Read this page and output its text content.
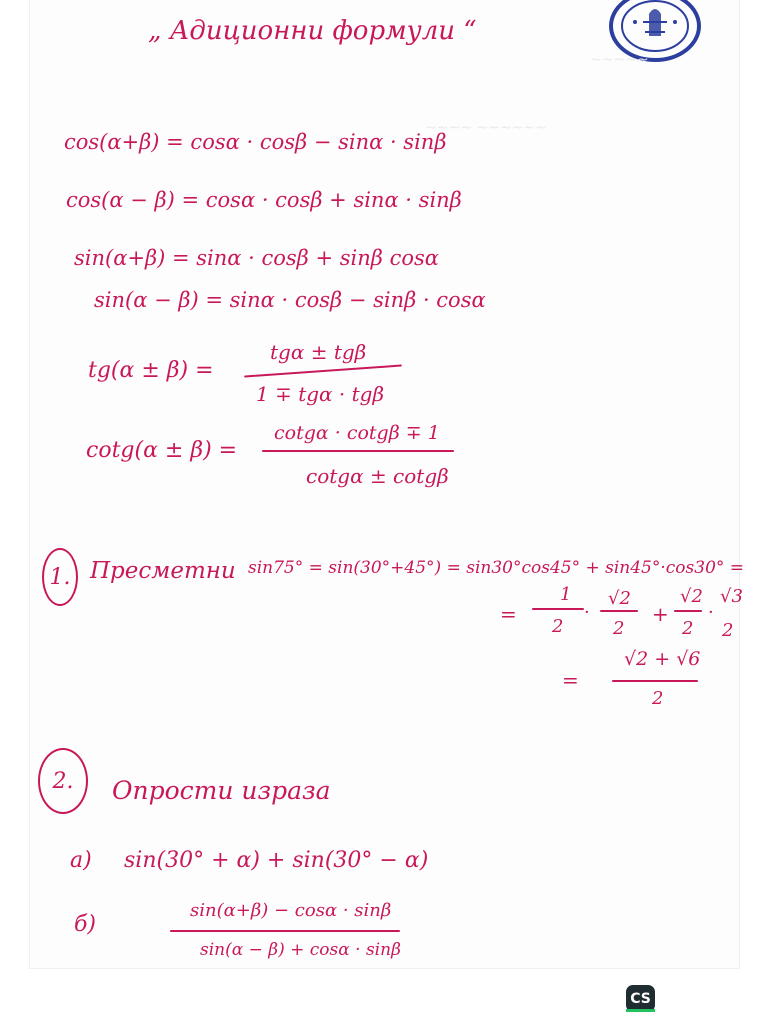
~~~~ ~~~~~~
~~~~~
„ Адиционни формули “
cos(α+β) = cosα · cosβ − sinα · sinβ
cos(α − β) = cosα · cosβ + sinα · sinβ
sin(α+β) = sinα · cosβ + sinβ cosα
sin(α − β) = sinα · cosβ − sinβ · cosα
tg(α ± β) =
tgα ± tgβ
1 ∓ tgα · tgβ
cotg(α ± β) =
cotgα · cotgβ ∓ 1
cotgα ± cotgβ
1. Пресметни sin75° = sin(30°+45°) = sin30°cos45° + sin45°·cos30° =
=
1
2
·
√2
2
+
√2
2
·
√3
2
=
√2 + √6
2
2. Опрости израза
а) sin(30° + α) + sin(30° − α)
б)
sin(α+β) − cosα · sinβ
sin(α − β) + cosα · sinβ
CS
